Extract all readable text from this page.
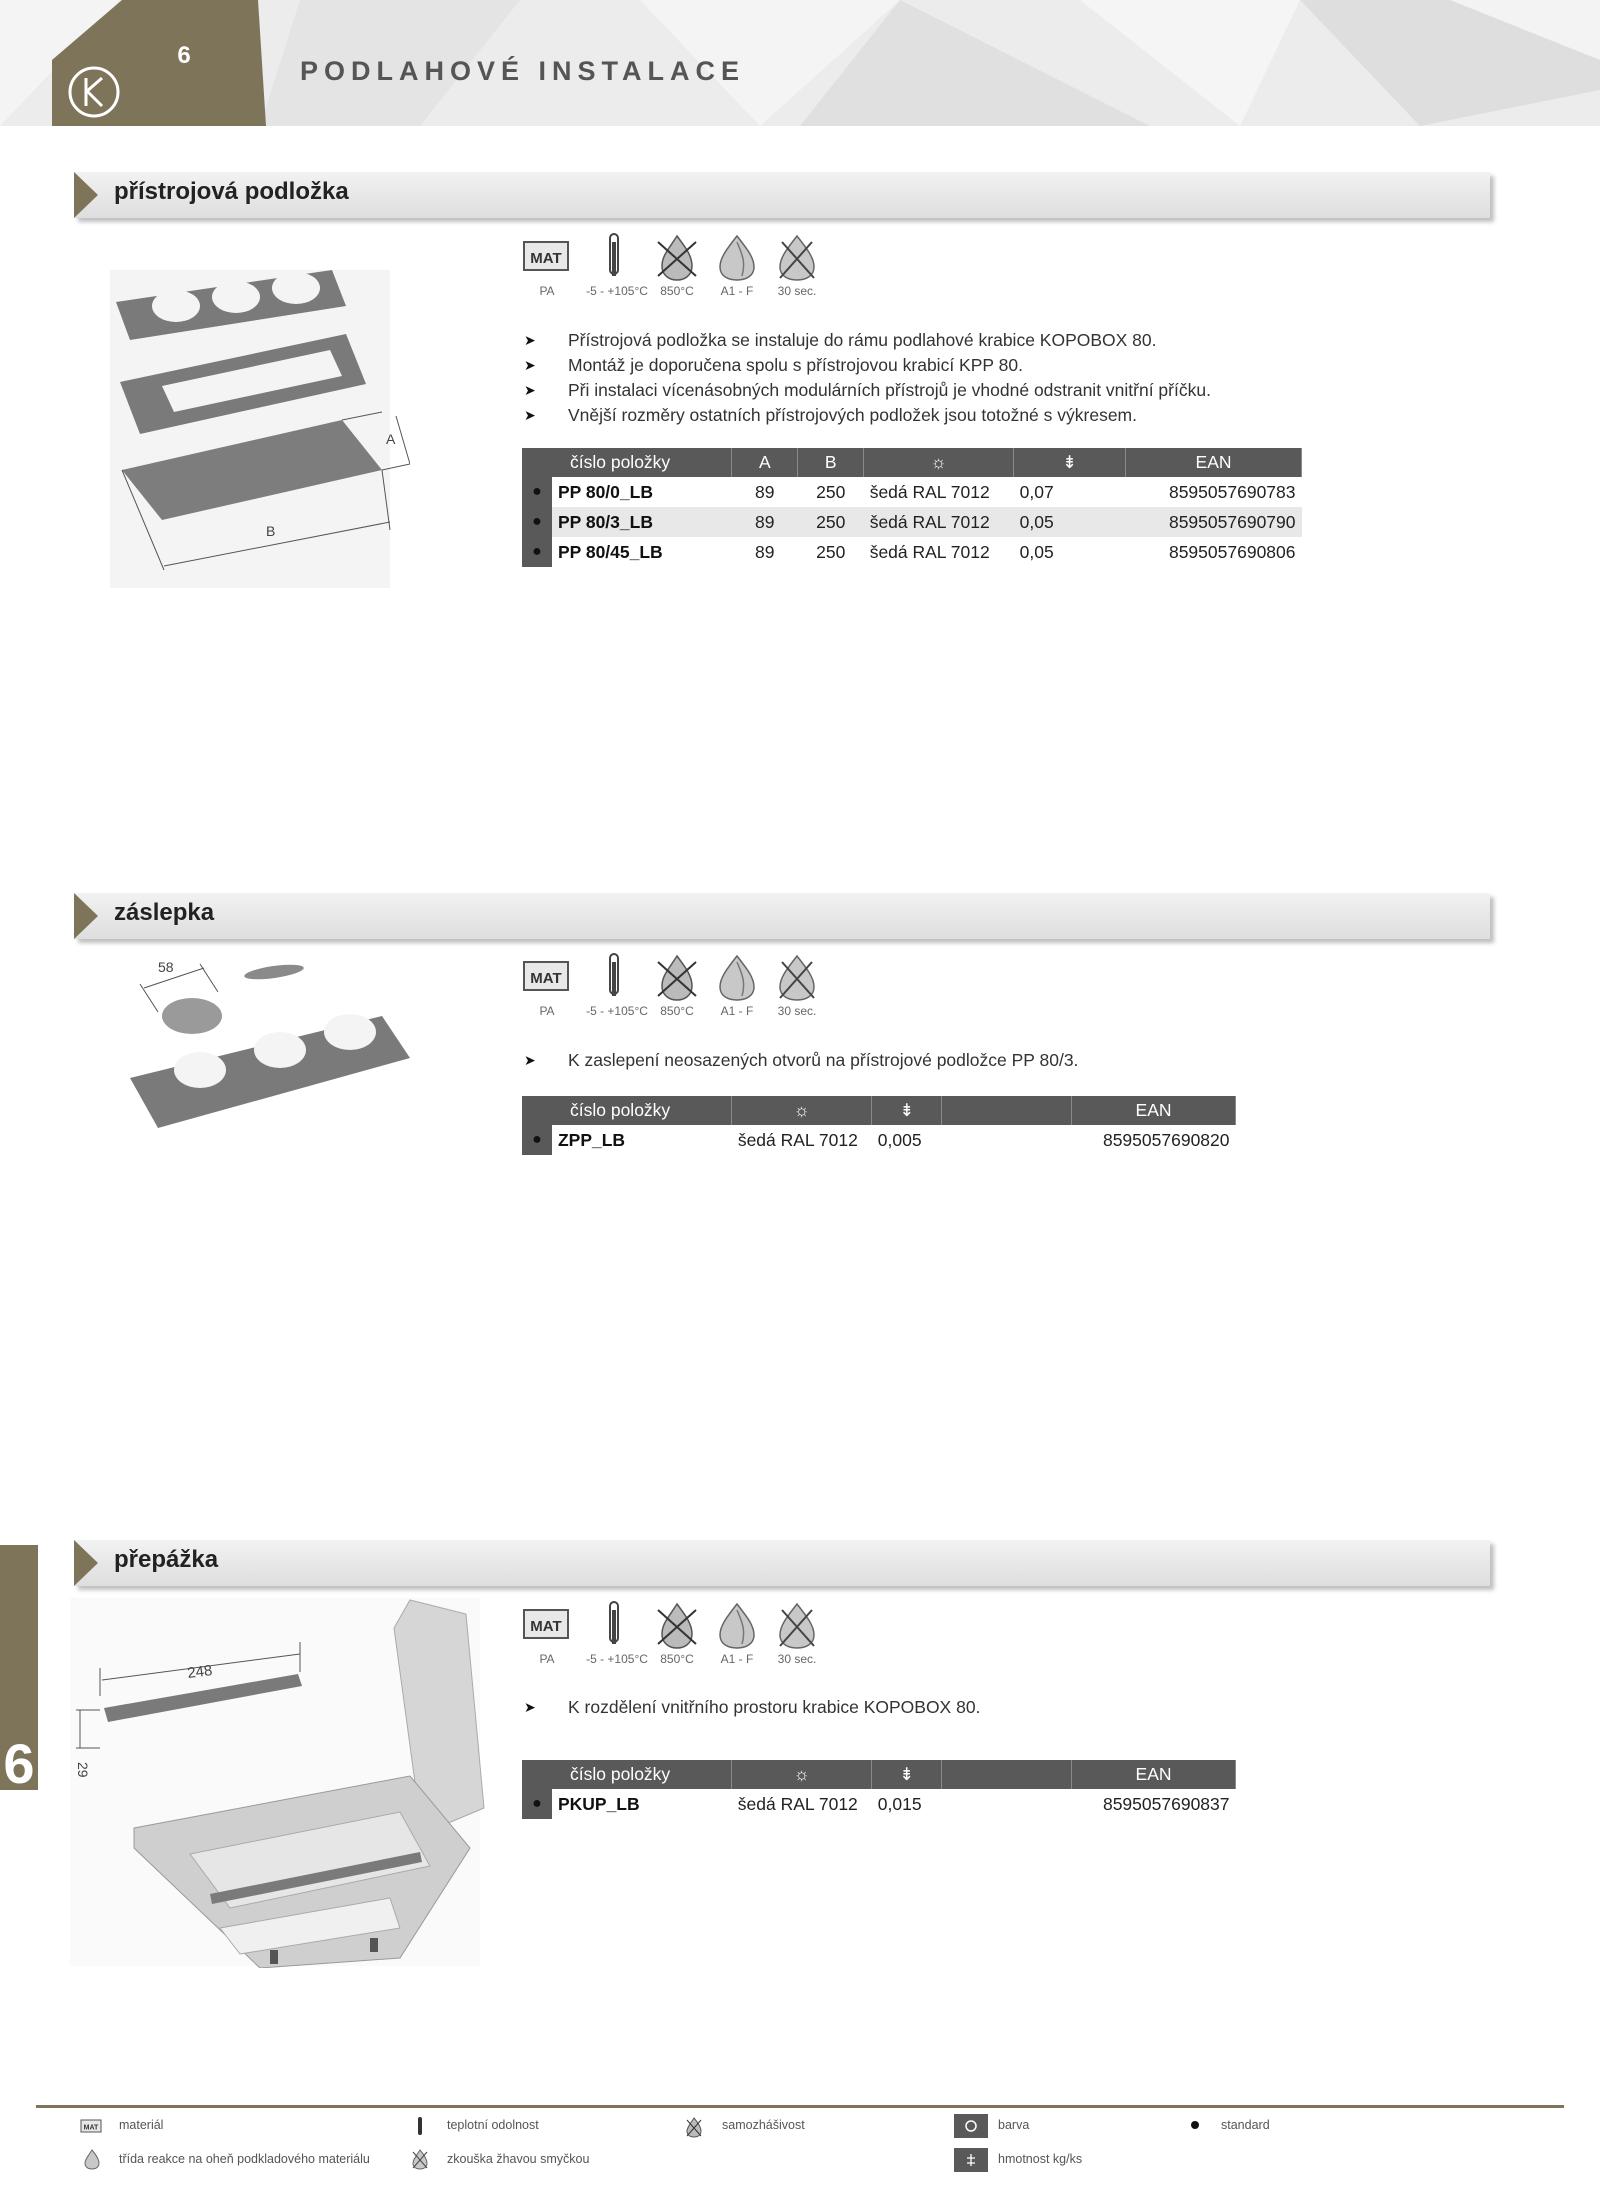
6
PODLAHOVÉ INSTALACE
přístrojová podložka
A
B
MAT
PA	-5 - +105°C	850°C	A1 - F	30 sec.
➤ Přístrojová podložka se instaluje do rámu podlahové krabice KOPOBOX 80.
➤ Montáž je doporučena spolu s přístrojovou krabicí KPP 80.
➤ Při instalaci vícenásobných modulárních přístrojů je vhodné odstranit vnitřní příčku.
➤ Vnější rozměry ostatních přístrojových podložek jsou totožné s výkresem.
číslo položky		A	B	☼	⇟	EAN
●	PP 80/0_LB	89	250	šedá RAL 7012	0,07	8595057690783
●	PP 80/3_LB	89	250	šedá RAL 7012	0,05	8595057690790
●	PP 80/45_LB	89	250	šedá RAL 7012	0,05	8595057690806
záslepka
58
MAT
PA	-5 - +105°C	850°C	A1 - F	30 sec.
➤ K zaslepení neosazených otvorů na přístrojové podložce PP 80/3.
číslo položky		☼	⇟		EAN
●	ZPP_LB	šedá RAL 7012	0,005		8595057690820
přepážka
248
29
MAT
PA	-5 - +105°C	850°C	A1 - F	30 sec.
➤ K rozdělení vnitřního prostoru krabice KOPOBOX 80.
číslo položky		☼	⇟		EAN
●	PKUP_LB	šedá RAL 7012	0,015		8595057690837
6
MAT materiál	teplotní odolnost	samozhášivost	barva	standard
třída reakce na oheň podkladového materiálu	zkouška žhavou smyčkou	hmotnost kg/ks
